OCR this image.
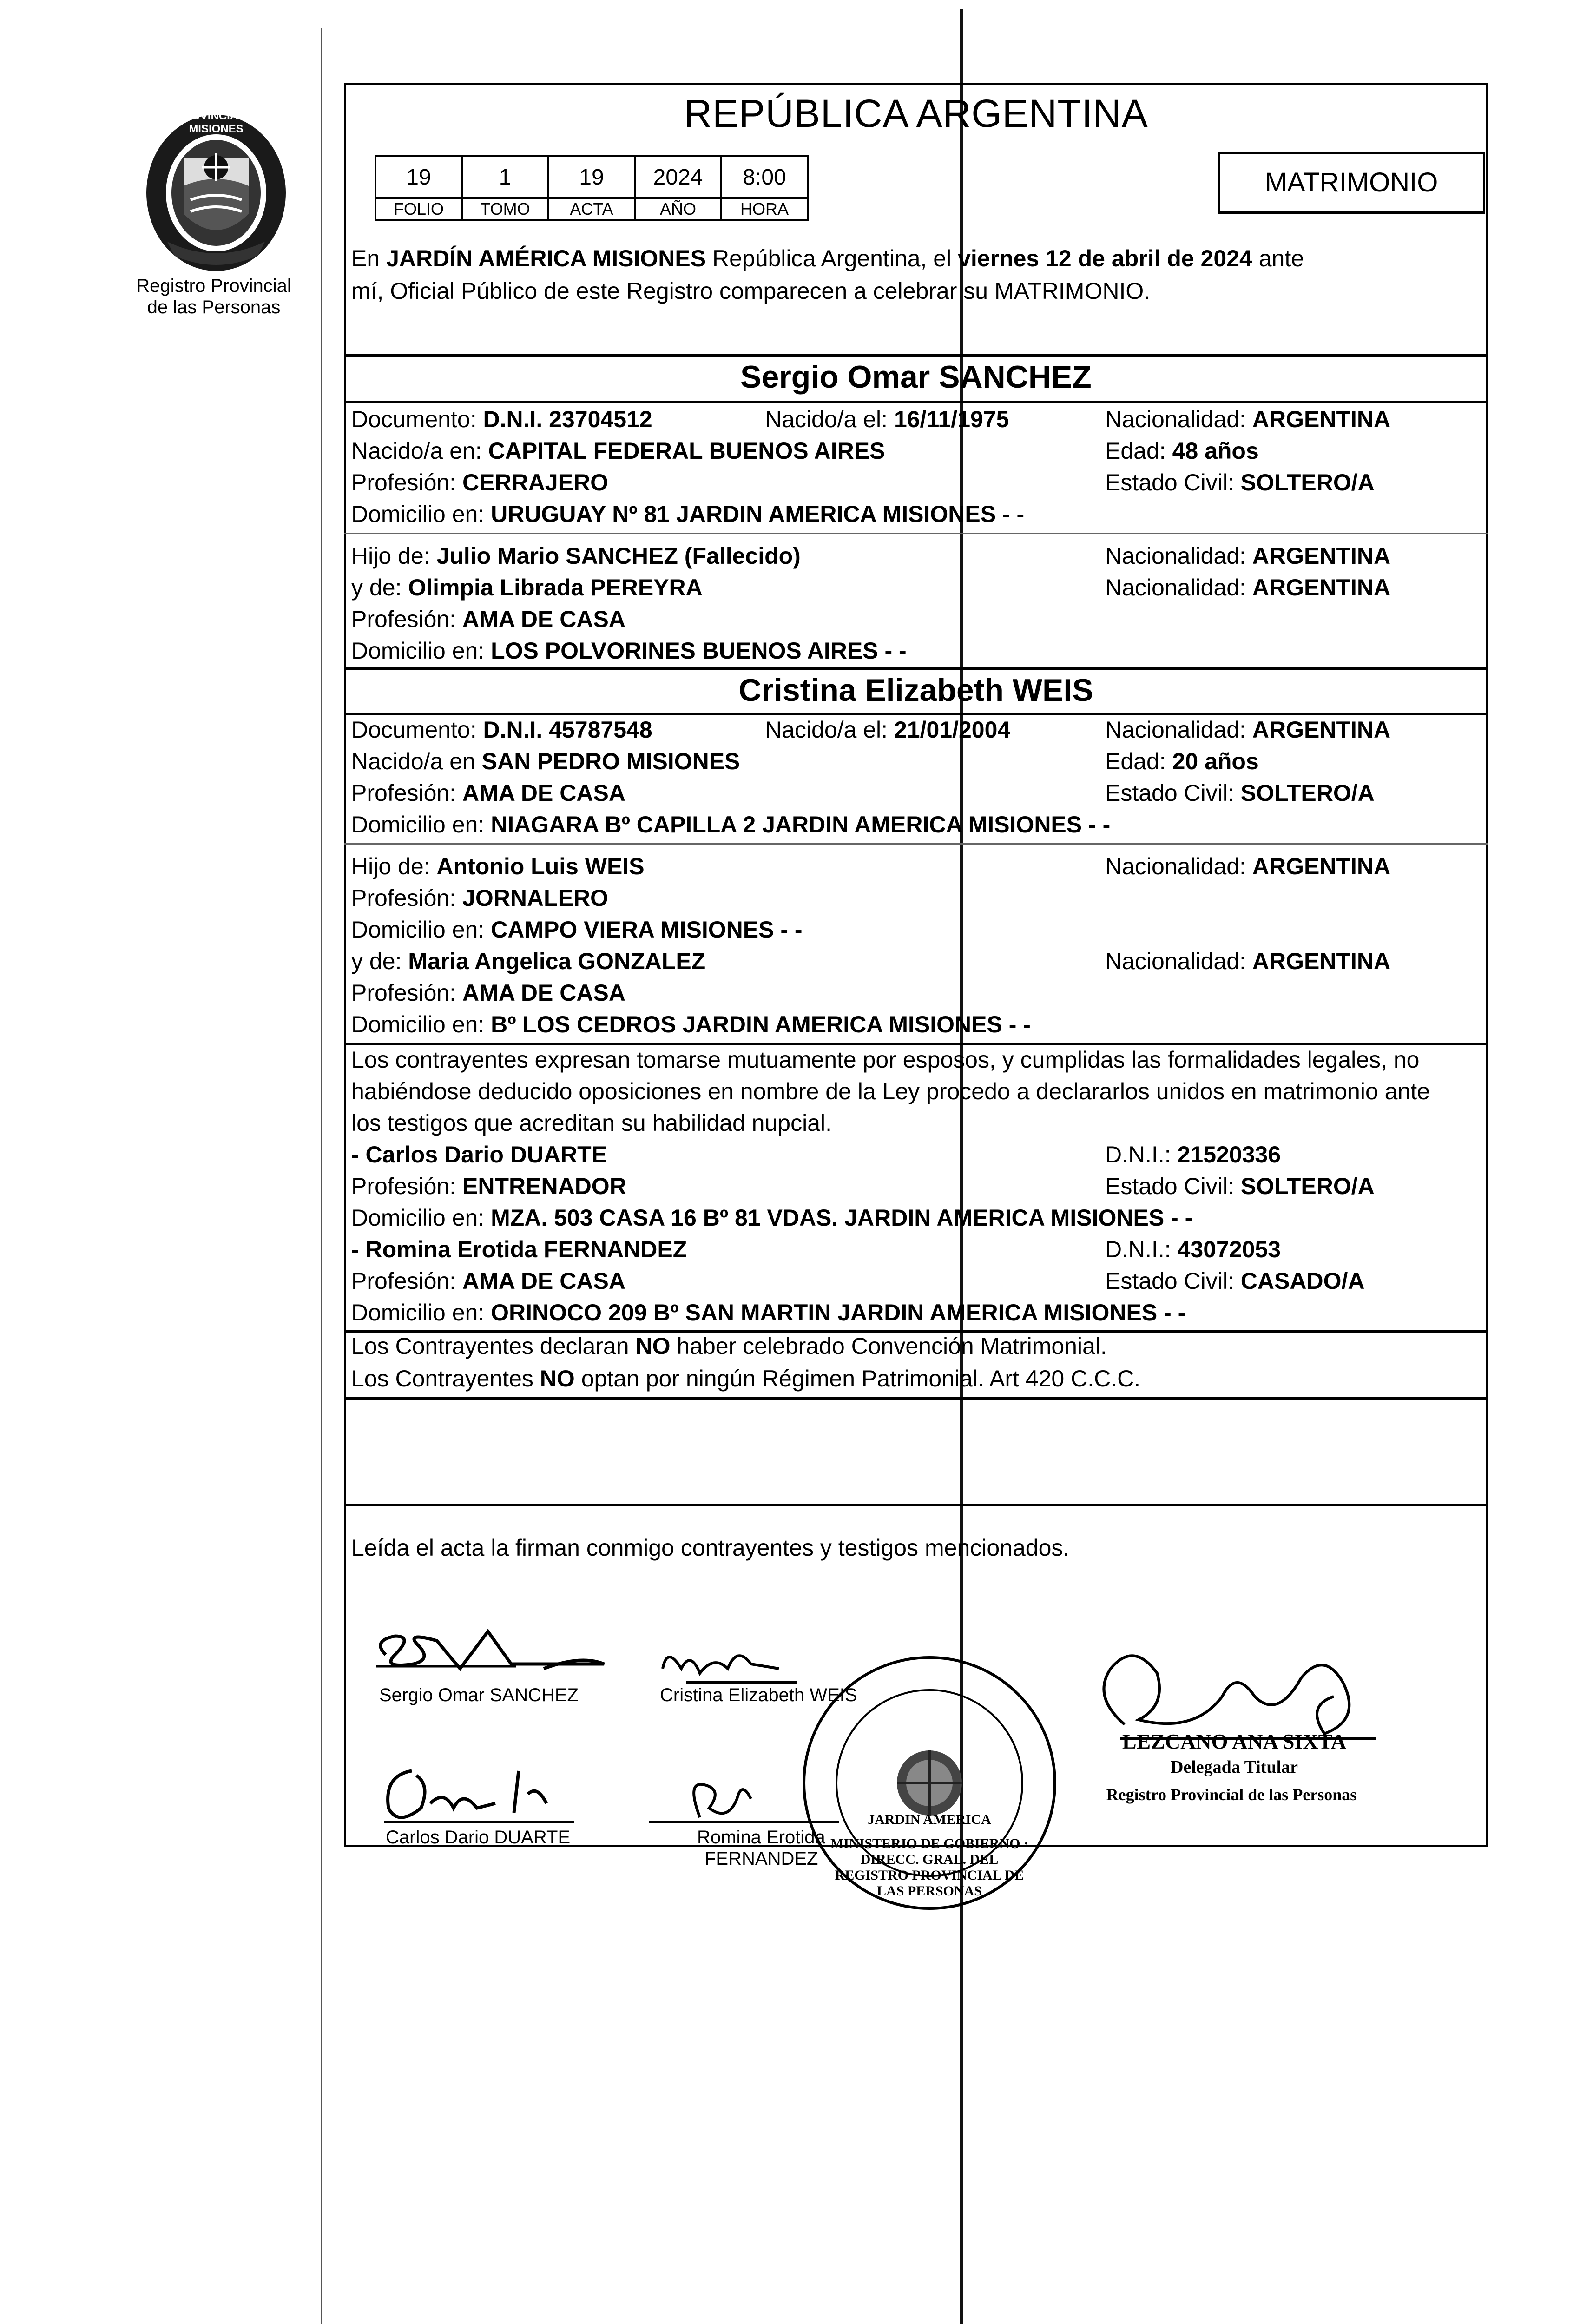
PROVINCIA DE MISIONES
Registro Provincial
de las Personas
REPÚBLICA ARGENTINA
19	1	19	2024	8:00
FOLIO	TOMO	ACTA	AÑO	HORA
MATRIMONIO
En JARDÍN AMÉRICA MISIONES República Argentina, el viernes 12 de abril de 2024 ante
mí, Oficial Público de este Registro comparecen a celebrar su MATRIMONIO.
Sergio Omar SANCHEZ
Documento: D.N.I. 23704512	Nacido/a el: 16/11/1975	Nacionalidad: ARGENTINA
Nacido/a en: CAPITAL FEDERAL BUENOS AIRES	Edad: 48 años
Profesión: CERRAJERO	Estado Civil: SOLTERO/A
Domicilio en: URUGUAY Nº 81 JARDIN AMERICA MISIONES - -
Hijo de: Julio Mario SANCHEZ (Fallecido)	Nacionalidad: ARGENTINA
y de: Olimpia Librada PEREYRA	Nacionalidad: ARGENTINA
Profesión: AMA DE CASA
Domicilio en: LOS POLVORINES BUENOS AIRES - -
Cristina Elizabeth WEIS
Documento: D.N.I. 45787548	Nacido/a el: 21/01/2004	Nacionalidad: ARGENTINA
Nacido/a en SAN PEDRO MISIONES	Edad: 20 años
Profesión: AMA DE CASA	Estado Civil: SOLTERO/A
Domicilio en: NIAGARA Bº CAPILLA 2 JARDIN AMERICA MISIONES - -
Hijo de: Antonio Luis WEIS	Nacionalidad: ARGENTINA
Profesión: JORNALERO
Domicilio en: CAMPO VIERA MISIONES - -
y de: Maria Angelica GONZALEZ	Nacionalidad: ARGENTINA
Profesión: AMA DE CASA
Domicilio en: Bº LOS CEDROS JARDIN AMERICA MISIONES - -
Los contrayentes expresan tomarse mutuamente por esposos, y cumplidas las formalidades legales, no
habiéndose deducido oposiciones en nombre de la Ley procedo a declararlos unidos en matrimonio ante
los testigos que acreditan su habilidad nupcial.
- Carlos Dario DUARTE	D.N.I.: 21520336
Profesión: ENTRENADOR	Estado Civil: SOLTERO/A
Domicilio en: MZA. 503 CASA 16 Bº 81 VDAS. JARDIN AMERICA MISIONES - -
- Romina Erotida FERNANDEZ	D.N.I.: 43072053
Profesión: AMA DE CASA	Estado Civil: CASADO/A
Domicilio en: ORINOCO 209 Bº SAN MARTIN JARDIN AMERICA MISIONES - -
Los Contrayentes declaran NO haber celebrado Convención Matrimonial.
Los Contrayentes NO optan por ningún Régimen Patrimonial. Art 420 C.C.C.
Leída el acta la firman conmigo contrayentes y testigos mencionados.
Sergio Omar SANCHEZ	Cristina Elizabeth WEIS
Carlos Dario DUARTE	Romina Erotida
FERNANDEZ
MINISTERIO DE GOBIERNO · DIRECC. GRAL. DEL REGISTRO PROVINCIAL DE LAS PERSONAS
JARDIN AMERICA
LEZCANO ANA SIXTA
Delegada Titular
Registro Provincial de las Personas
